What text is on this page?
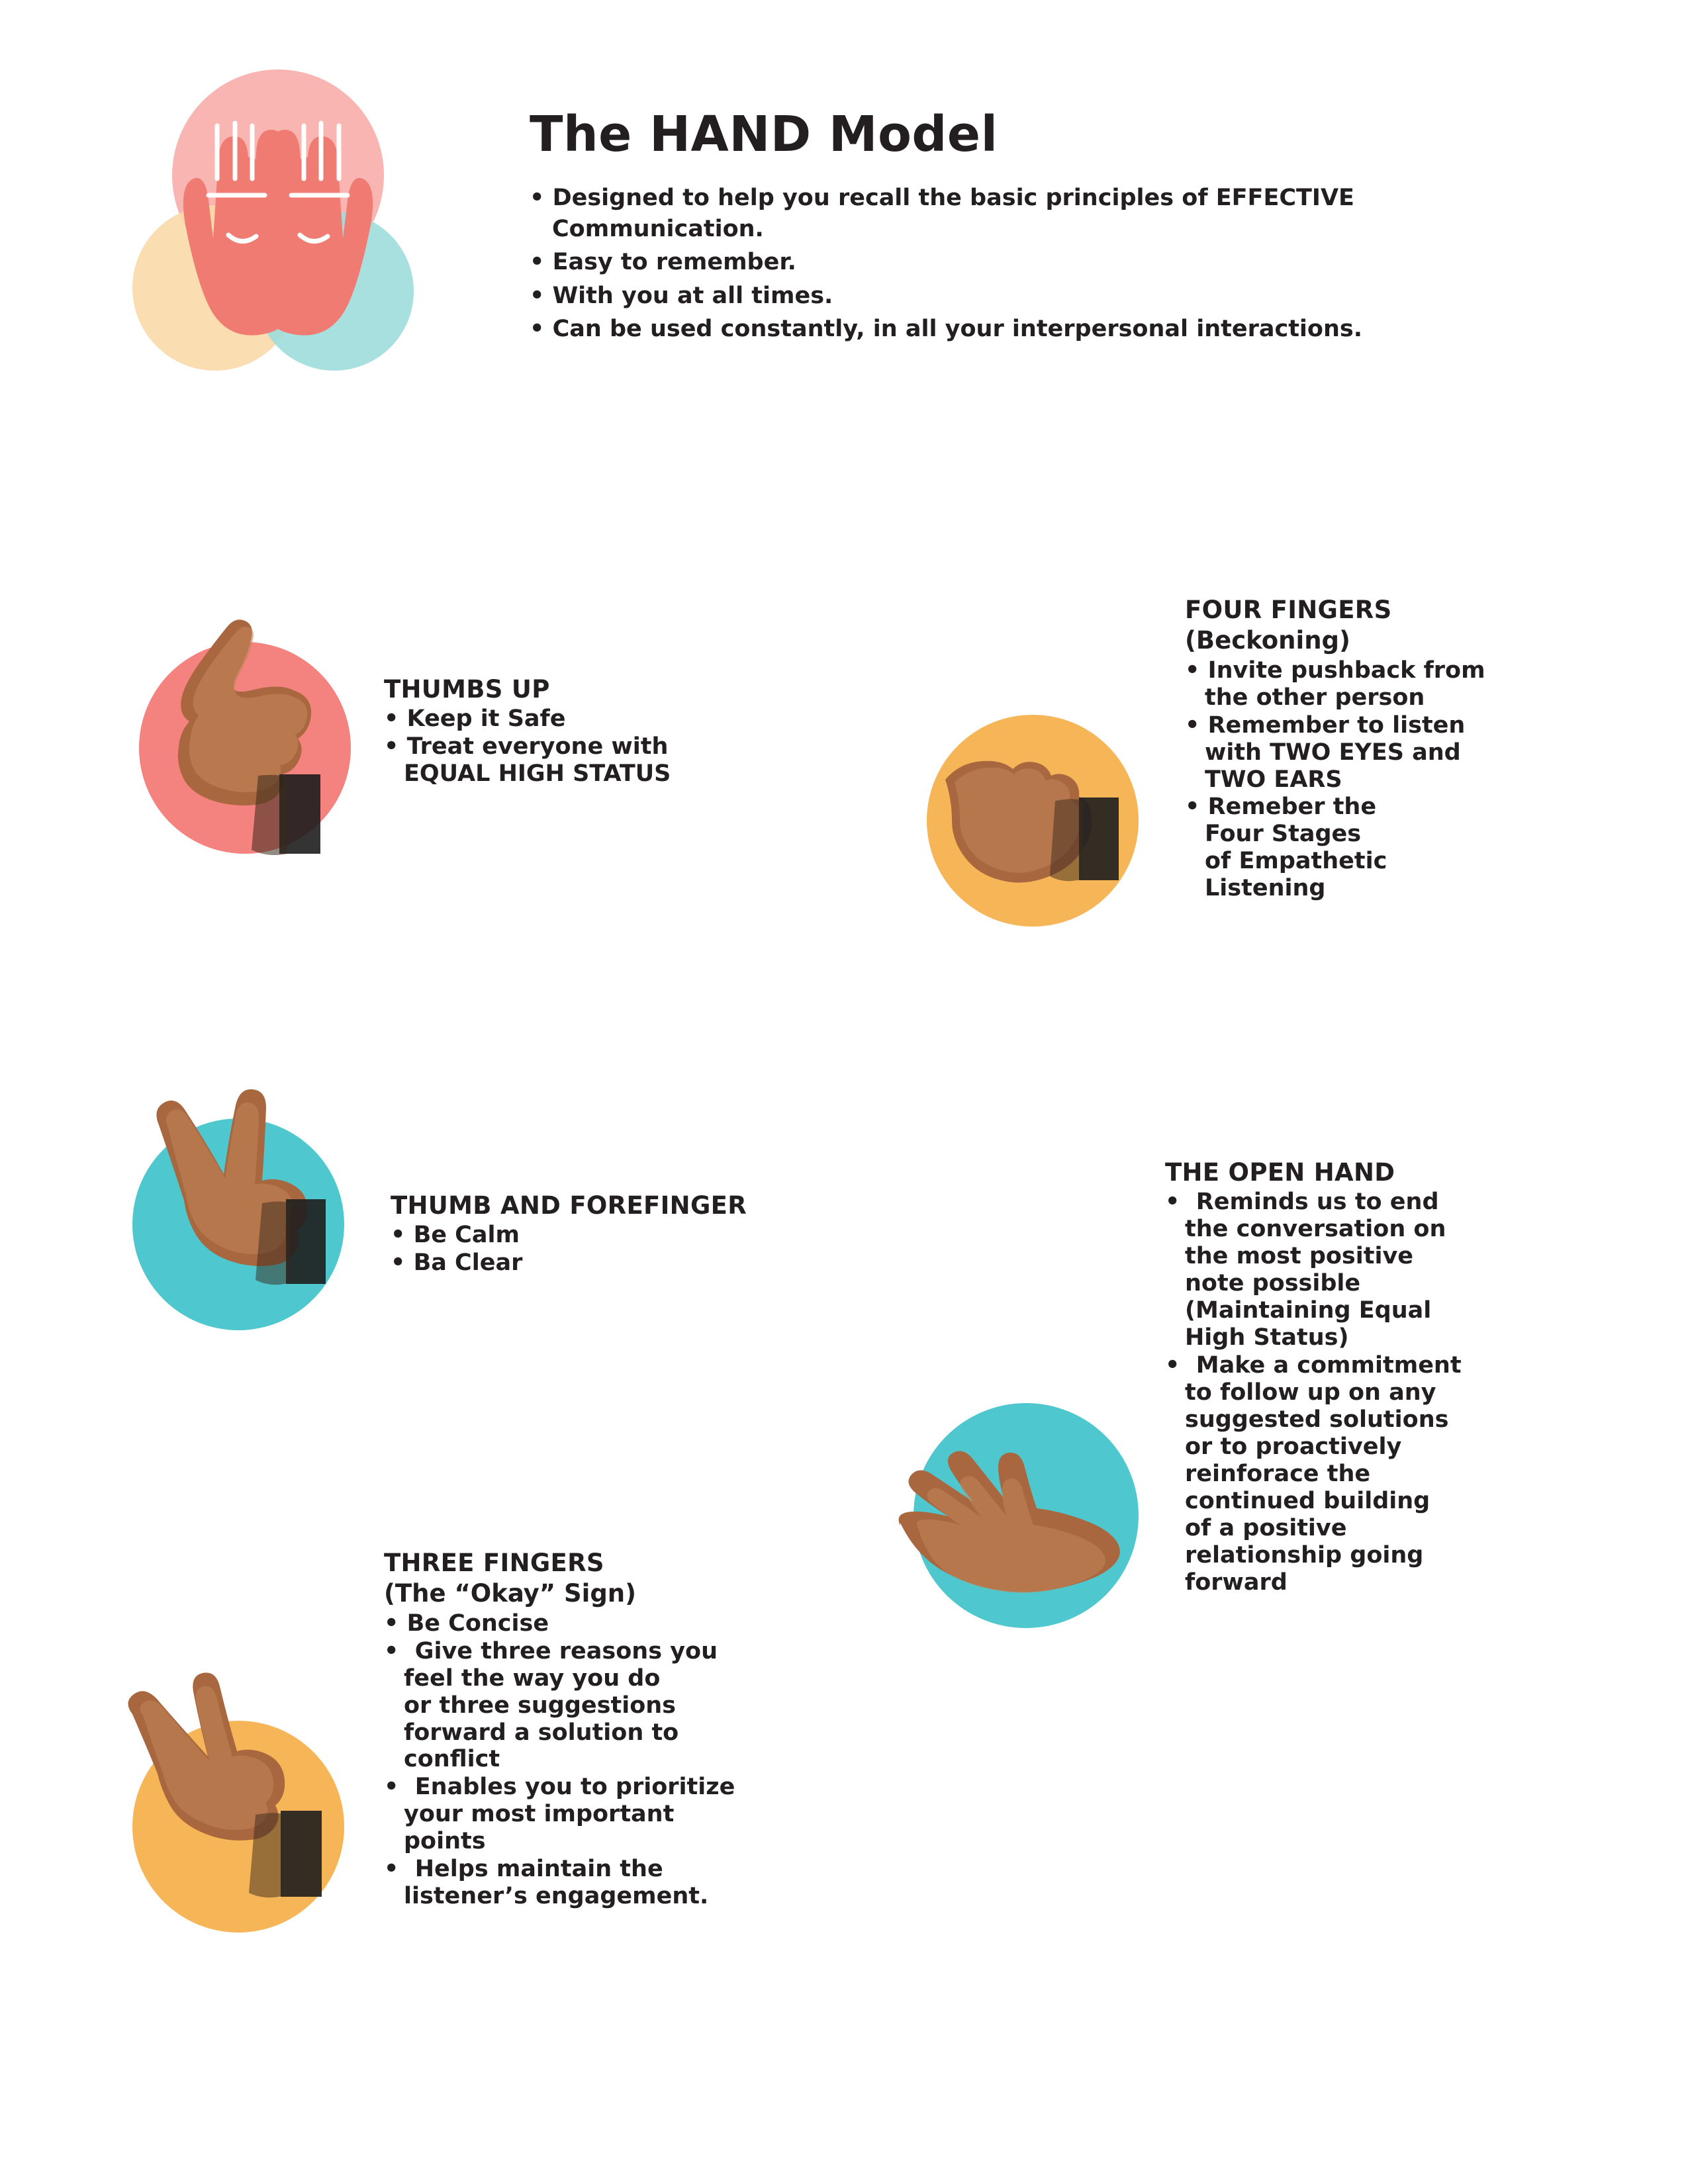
The HAND Model
• Designed to help you recall the basic principles of EFFECTIVE Communication.
• Easy to remember.
• With you at all times.
• Can be used constantly, in all your interpersonal interactions.
THUMBS UP
• Keep it Safe
• Treat everyone with
EQUAL HIGH STATUS
FOUR FINGERS
(Beckoning)
• Invite pushback from
the other person
• Remember to listen
with TWO EYES and
TWO EARS
• Remeber the
Four Stages
of Empathetic
Listening
THUMB AND FOREFINGER
• Be Calm
• Ba Clear
THE OPEN HAND
• Reminds us to end
the conversation on
the most positive
note possible
(Maintaining Equal
High Status)
• Make a commitment
to follow up on any
suggested solutions
or to proactively
reinforace the
continued building
of a positive
relationship going
forward
THREE FINGERS
(The “Okay” Sign)
• Be Concise
• Give three reasons you
feel the way you do
or three suggestions
forward a solution to
conflict
• Enables you to prioritize
your most important
points
• Helps maintain the
listener’s engagement.
